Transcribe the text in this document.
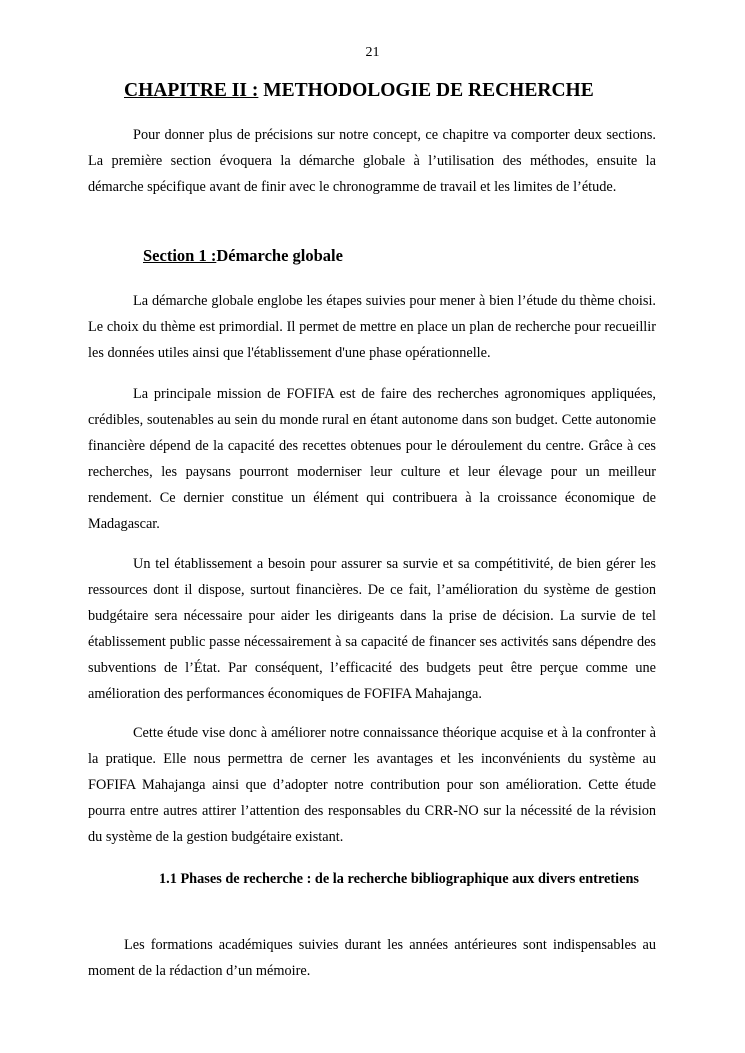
21
CHAPITRE II : METHODOLOGIE DE RECHERCHE

Pour donner plus de précisions sur notre concept, ce chapitre va comporter deux sections. La première section évoquera la démarche globale à l’utilisation des méthodes, ensuite la démarche spécifique avant de finir avec le chronogramme de travail et les limites de l’étude.

Section 1 :Démarche globale

La démarche globale englobe les étapes suivies pour mener à bien l’étude du thème choisi. Le choix du thème est primordial. Il permet de mettre en place un plan de recherche pour recueillir les données utiles ainsi que l'établissement d'une phase opérationnelle.

La principale mission de FOFIFA est de faire des recherches agronomiques appliquées, crédibles, soutenables au sein du monde rural en étant autonome dans son budget. Cette autonomie financière dépend de la capacité des recettes obtenues pour le déroulement du centre. Grâce à ces recherches, les paysans pourront moderniser leur culture et leur élevage pour un meilleur rendement. Ce dernier constitue un élément qui contribuera à la croissance économique de Madagascar.

Un tel établissement a besoin pour assurer sa survie et sa compétitivité, de bien gérer les ressources dont il dispose, surtout financières. De ce fait, l’amélioration du système de gestion budgétaire sera nécessaire pour aider les dirigeants dans la prise de décision. La survie de tel établissement public passe nécessairement à sa capacité de financer ses activités sans dépendre des subventions de l’État. Par conséquent, l’efficacité des budgets peut être perçue comme une amélioration des performances économiques de FOFIFA Mahajanga.

Cette étude vise donc à améliorer notre connaissance théorique acquise et à la confronter à la pratique. Elle nous permettra de cerner les avantages et les inconvénients du système au FOFIFA Mahajanga ainsi que d’adopter notre contribution pour son amélioration. Cette étude pourra entre autres attirer l’attention des responsables du CRR-NO sur la nécessité de la révision du système de la gestion budgétaire existant.

1.1 Phases de recherche : de la recherche bibliographique aux divers entretiens

Les formations académiques suivies durant les années antérieures sont indispensables au moment de la rédaction d’un mémoire.
